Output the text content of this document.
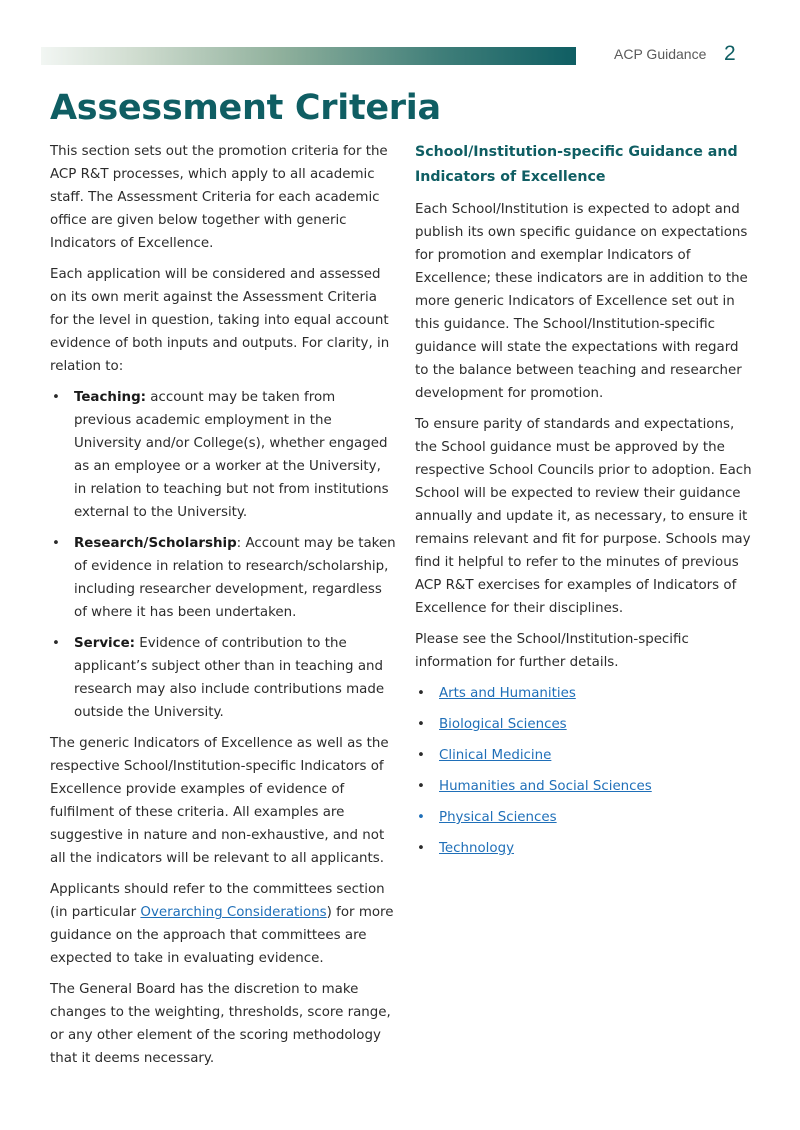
ACP Guidance 2
Assessment Criteria

This section sets out the promotion criteria for the ACP R&T processes, which apply to all academic staff. The Assessment Criteria for each academic office are given below together with generic Indicators of Excellence.

Each application will be considered and assessed on its own merit against the Assessment Criteria for the level in question, taking into equal account evidence of both inputs and outputs. For clarity, in relation to:

• Teaching: account may be taken from previous academic employment in the University and/or College(s), whether engaged as an employee or a worker at the University, in relation to teaching but not from institutions external to the University.
• Research/Scholarship: Account may be taken of evidence in relation to research/scholarship, including researcher development, regardless of where it has been undertaken.
• Service: Evidence of contribution to the applicant’s subject other than in teaching and research may also include contributions made outside the University.

The generic Indicators of Excellence as well as the respective School/Institution-specific Indicators of Excellence provide examples of evidence of fulfilment of these criteria. All examples are suggestive in nature and non-exhaustive, and not all the indicators will be relevant to all applicants.

Applicants should refer to the committees section (in particular Overarching Considerations) for more guidance on the approach that committees are expected to take in evaluating evidence.

The General Board has the discretion to make changes to the weighting, thresholds, score range, or any other element of the scoring methodology that it deems necessary.

School/Institution-specific Guidance and Indicators of Excellence

Each School/Institution is expected to adopt and publish its own specific guidance on expectations for promotion and exemplar Indicators of Excellence; these indicators are in addition to the more generic Indicators of Excellence set out in this guidance. The School/Institution-specific guidance will state the expectations with regard to the balance between teaching and researcher development for promotion.

To ensure parity of standards and expectations, the School guidance must be approved by the respective School Councils prior to adoption. Each School will be expected to review their guidance annually and update it, as necessary, to ensure it remains relevant and fit for purpose. Schools may find it helpful to refer to the minutes of previous ACP R&T exercises for examples of Indicators of Excellence for their disciplines.

Please see the School/Institution-specific information for further details.

• Arts and Humanities
• Biological Sciences
• Clinical Medicine
• Humanities and Social Sciences
• Physical Sciences
• Technology
